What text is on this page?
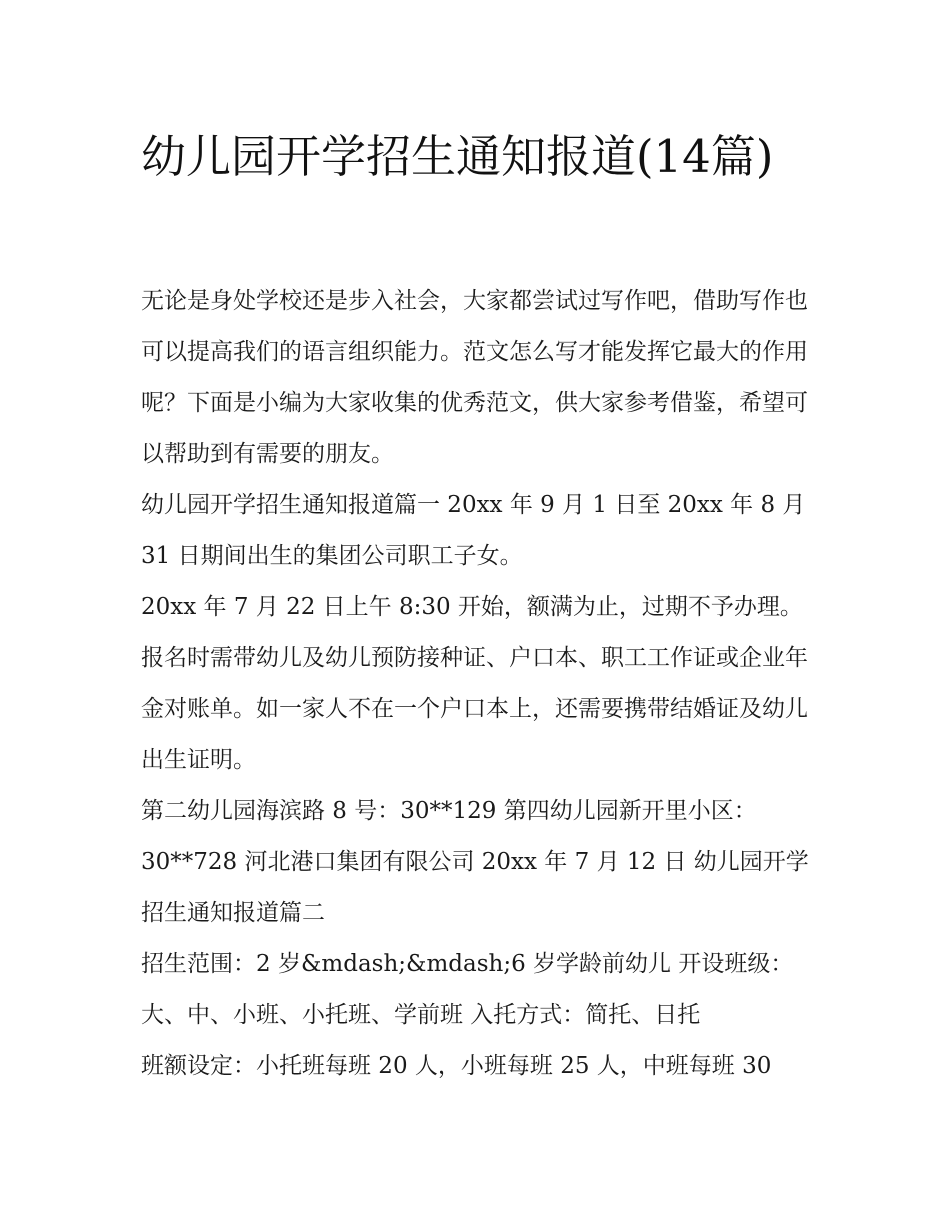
幼儿园开学招生通知报道(14篇)

无论是身处学校还是步入社会，大家都尝试过写作吧，借助写作也可以提高我们的语言组织能力。范文怎么写才能发挥它最大的作用呢？下面是小编为大家收集的优秀范文，供大家参考借鉴，希望可以帮助到有需要的朋友。

幼儿园开学招生通知报道篇一 20xx 年 9 月 1 日至 20xx 年 8 月 31 日期间出生的集团公司职工子女。

20xx 年 7 月 22 日上午 8:30 开始，额满为止，过期不予办理。报名时需带幼儿及幼儿预防接种证、户口本、职工工作证或企业年金对账单。如一家人不在一个户口本上，还需要携带结婚证及幼儿出生证明。

第二幼儿园海滨路 8 号：30**129 第四幼儿园新开里小区：30**728 河北港口集团有限公司 20xx 年 7 月 12 日 幼儿园开学招生通知报道篇二

招生范围：2 岁&mdash;&mdash;6 岁学龄前幼儿 开设班级：大、中、小班、小托班、学前班 入托方式：简托、日托

班额设定：小托班每班 20 人，小班每班 25 人，中班每班 30
